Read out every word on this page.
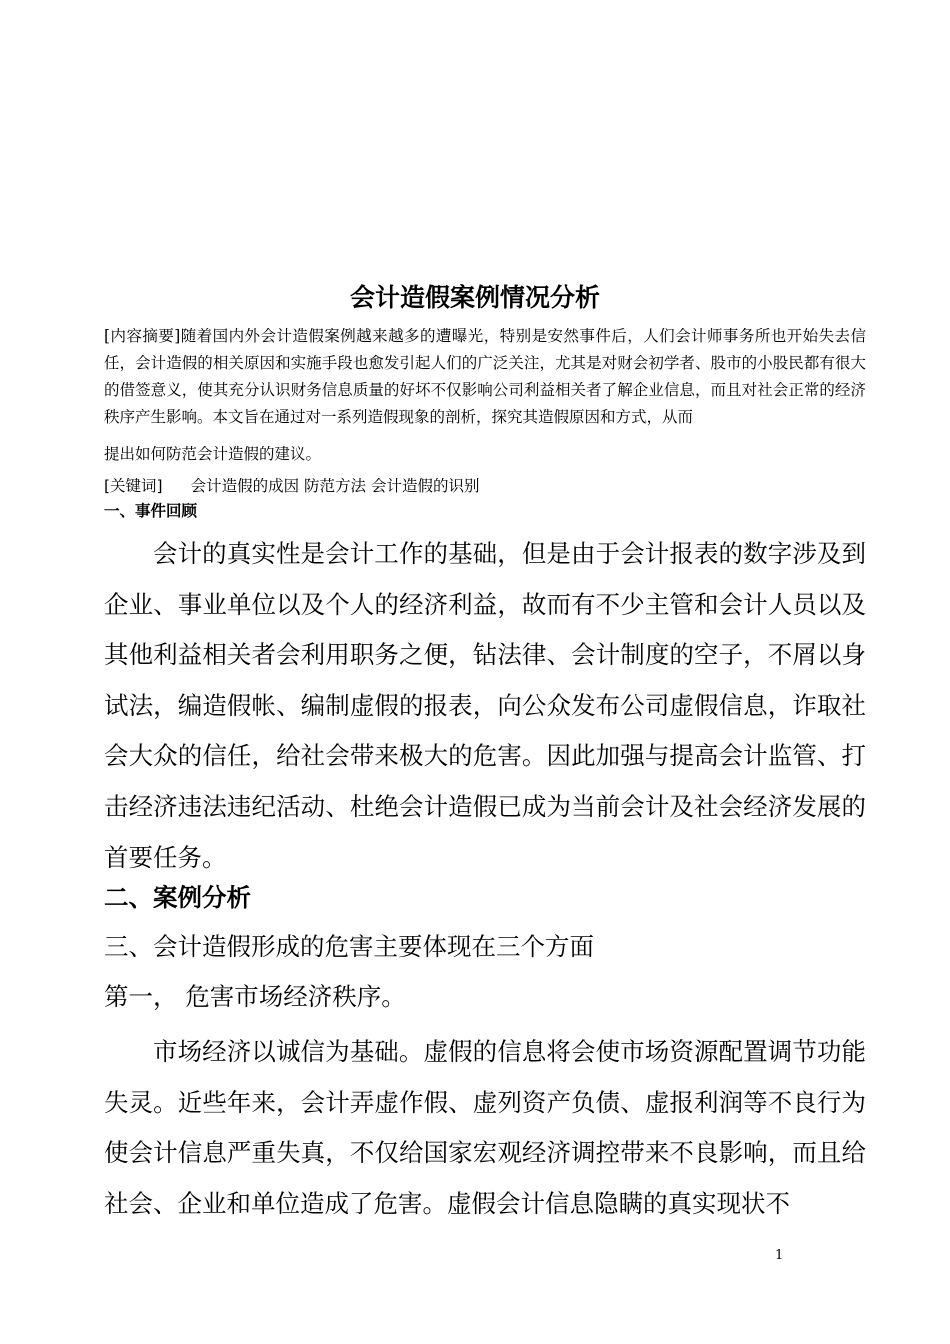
会计造假案例情况分析
[内容摘要]随着国内外会计造假案例越来越多的遭曝光，特别是安然事件后，人们会计师事务所也开始失去信任，会计造假的相关原因和实施手段也愈发引起人们的广泛关注，尤其是对财会初学者、股市的小股民都有很大的借签意义，使其充分认识财务信息质量的好坏不仅影响公司利益相关者了解企业信息，而且对社会正常的经济秩序产生影响。本文旨在通过对一系列造假现象的剖析，探究其造假原因和方式，从而
提出如何防范会计造假的建议。
[关键词] 会计造假的成因 防范方法 会计造假的识别
一、事件回顾
会计的真实性是会计工作的基础，但是由于会计报表的数字涉及到企业、事业单位以及个人的经济利益，故而有不少主管和会计人员以及其他利益相关者会利用职务之便，钻法律、会计制度的空子，不屑以身试法，编造假帐、编制虚假的报表，向公众发布公司虚假信息，诈取社会大众的信任，给社会带来极大的危害。因此加强与提高会计监管、打击经济违法违纪活动、杜绝会计造假已成为当前会计及社会经济发展的首要任务。
二、案例分析
三、会计造假形成的危害主要体现在三个方面
第一， 危害市场经济秩序。
市场经济以诚信为基础。虚假的信息将会使市场资源配置调节功能失灵。近些年来，会计弄虚作假、虚列资产负债、虚报利润等不良行为使会计信息严重失真，不仅给国家宏观经济调控带来不良影响，而且给社会、企业和单位造成了危害。虚假会计信息隐瞒的真实现状不
1
